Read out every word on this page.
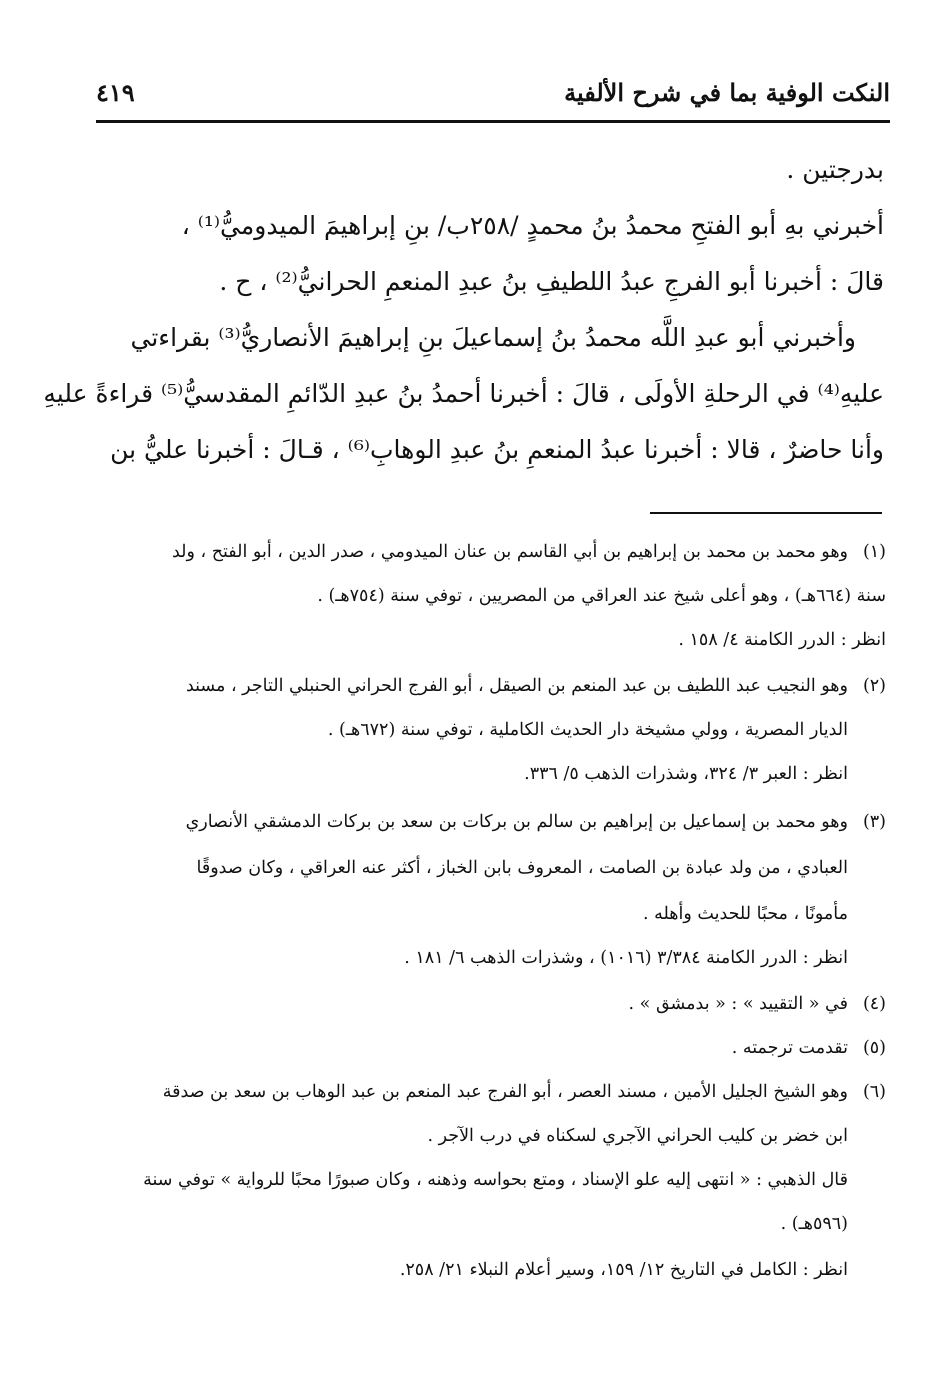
النكت الوفية بما في شرح الألفية
٤١٩
بدرجتين .
أخبرني بهِ أبو الفتحِ محمدُ بنُ محمدٍ /٢٥٨ب/ بنِ إبراهيمَ الميدوميُّ⁽¹⁾ ،
قالَ : أخبرنا أبو الفرجِ عبدُ اللطيفِ بنُ عبدِ المنعمِ الحرانيُّ⁽²⁾ ، ح .
وأخبرني أبو عبدِ اللَّه محمدُ بنُ إسماعيلَ بنِ إبراهيمَ الأنصاريُّ⁽³⁾ بقراءتي
عليهِ⁽⁴⁾ في الرحلةِ الأولَى ، قالَ : أخبرنا أحمدُ بنُ عبدِ الدّائمِ المقدسيُّ⁽⁵⁾ قراءةً عليهِ
وأنا حاضرٌ ، قالا : أخبرنا عبدُ المنعمِ بنُ عبدِ الوهابِ⁽⁶⁾ ، قـالَ : أخبرنا عليُّ بن
(١)
وهو محمد بن محمد بن إبراهيم بن أبي القاسم بن عنان الميدومي ، صدر الدين ، أبو الفتح ، ولد
سنة (٦٦٤هـ) ، وهو أعلى شيخ عند العراقي من المصريين ، توفي سنة (٧٥٤هـ) .
انظر : الدرر الكامنة ٤/ ١٥٨ .
(٢)
وهو النجيب عبد اللطيف بن عبد المنعم بن الصيقل ، أبو الفرج الحراني الحنبلي التاجر ، مسند
الديار المصرية ، وولي مشيخة دار الحديث الكاملية ، توفي سنة (٦٧٢هـ) .
انظر : العبر ٣/ ٣٢٤، وشذرات الذهب ٥/ ٣٣٦.
(٣)
وهو محمد بن إسماعيل بن إبراهيم بن سالم بن بركات بن سعد بن بركات الدمشقي الأنصاري
العبادي ، من ولد عبادة بن الصامت ، المعروف بابن الخباز ، أكثر عنه العراقي ، وكان صدوقًا
مأمونًا ، محبًا للحديث وأهله .
انظر : الدرر الكامنة ٣/٣٨٤ (١٠١٦) ، وشذرات الذهب ٦/ ١٨١ .
(٤)
في « التقييد » : « بدمشق » .
(٥)
تقدمت ترجمته .
(٦)
وهو الشيخ الجليل الأمين ، مسند العصر ، أبو الفرج عبد المنعم بن عبد الوهاب بن سعد بن صدقة
ابن خضر بن كليب الحراني الآجري لسكناه في درب الآجر .
قال الذهبي : « انتهى إليه علو الإسناد ، ومتع بحواسه وذهنه ، وكان صبورًا محبًا للرواية » توفي سنة
(٥٩٦هـ) .
انظر : الكامل في التاريخ ١٢/ ١٥٩، وسير أعلام النبلاء ٢١/ ٢٥٨.
